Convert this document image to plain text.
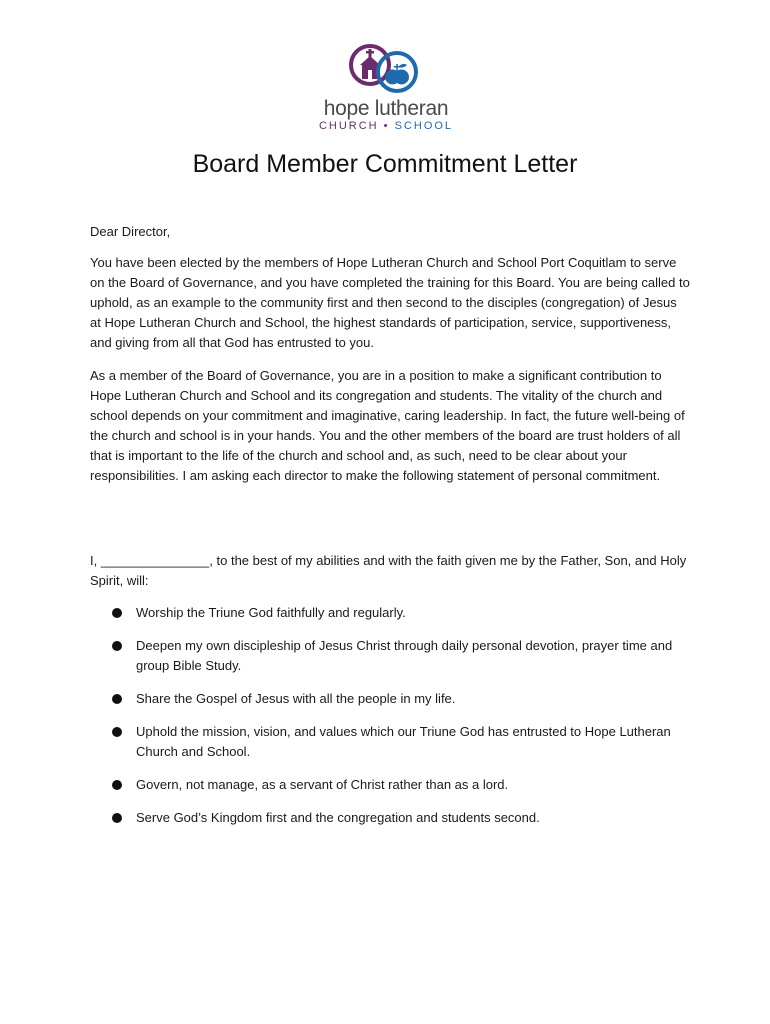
hope lutheran
CHURCH • SCHOOL
Board Member Commitment Letter
Dear Director,
You have been elected by the members of Hope Lutheran Church and School Port Coquitlam to serve on the Board of Governance, and you have completed the training for this Board. You are being called to uphold, as an example to the community first and then second to the disciples (congregation) of Jesus at Hope Lutheran Church and School, the highest standards of participation, service, supportiveness, and giving from all that God has entrusted to you.
As a member of the Board of Governance, you are in a position to make a significant contribution to Hope Lutheran Church and School and its congregation and students. The vitality of the church and school depends on your commitment and imaginative, caring leadership. In fact, the future well-being of the church and school is in your hands. You and the other members of the board are trust holders of all that is important to the life of the church and school and, as such, need to be clear about your responsibilities. I am asking each director to make the following statement of personal commitment.
I, _______________, to the best of my abilities and with the faith given me by the Father, Son, and Holy Spirit, will:
Worship the Triune God faithfully and regularly.
Deepen my own discipleship of Jesus Christ through daily personal devotion, prayer time and group Bible Study.
Share the Gospel of Jesus with all the people in my life.
Uphold the mission, vision, and values which our Triune God has entrusted to Hope Lutheran Church and School.
Govern, not manage, as a servant of Christ rather than as a lord.
Serve God’s Kingdom first and the congregation and students second.
